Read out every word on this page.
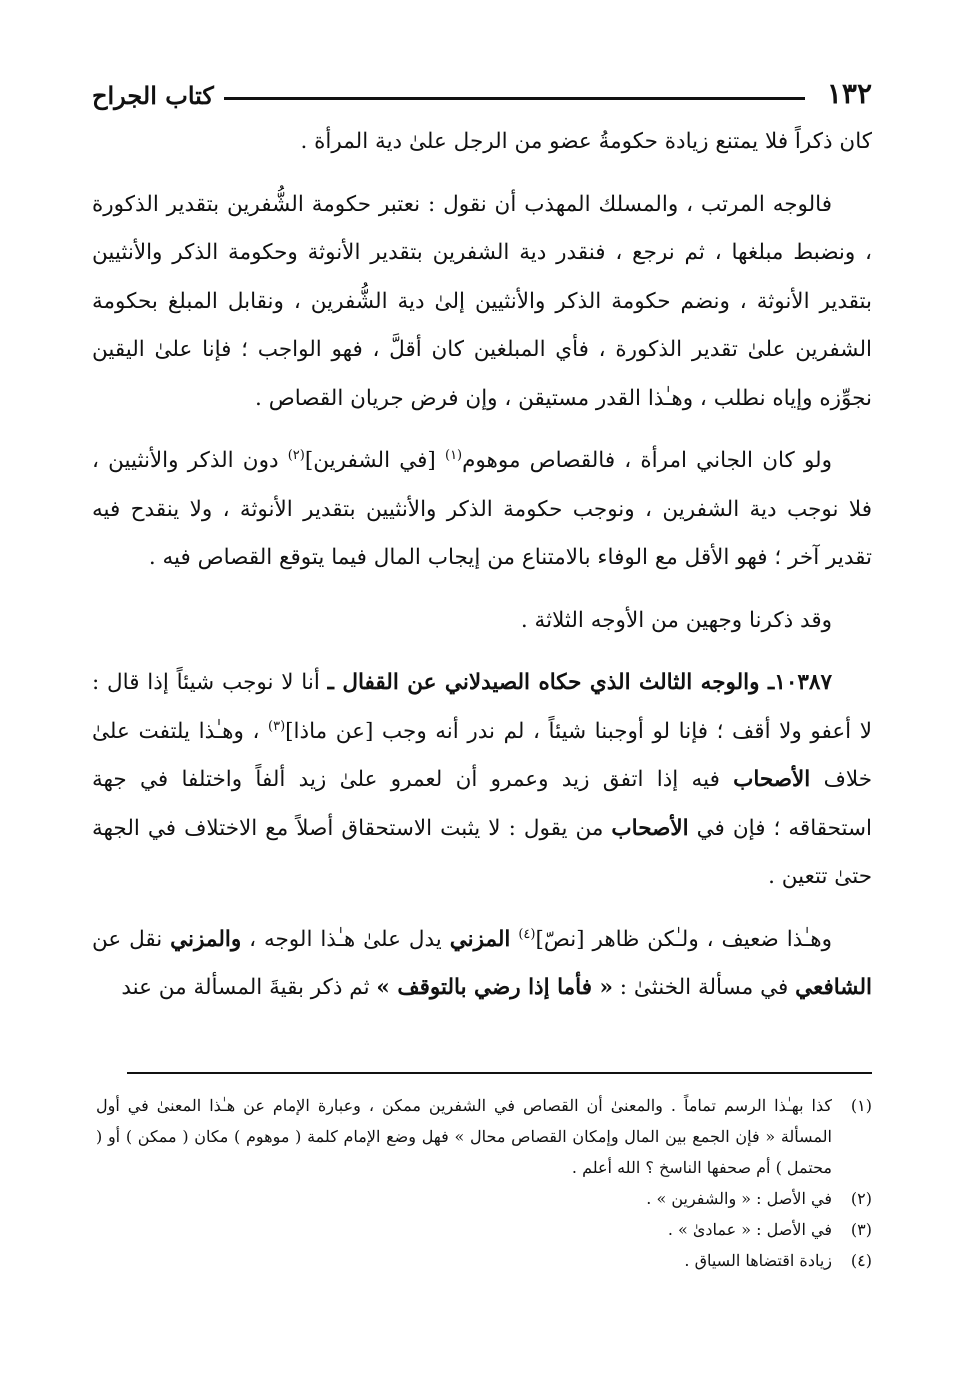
١٣٢
كتاب الجراح

كان ذكراً فلا يمتنع زيادة حكومةُ عضو من الرجل علىٰ دية المرأة .

فالوجه المرتب ، والمسلك المهذب أن نقول : نعتبر حكومة الشُّفرين بتقدير الذكورة ، ونضبط مبلغها ، ثم نرجع ، فنقدر دية الشفرين بتقدير الأنوثة وحكومة الذكر والأنثيين بتقدير الأنوثة ، ونضم حكومة الذكر والأنثيين إلىٰ دية الشُّفرين ، ونقابل المبلغ بحكومة الشفرين علىٰ تقدير الذكورة ، فأي المبلغين كان أقلَّ ، فهو الواجب ؛ فإنا علىٰ اليقين نجوِّزه وإياه نطلب ، وهـٰذا القدر مستيقن ، وإن فرض جريان القصاص .

ولو كان الجاني امرأة ، فالقصاص موهوم$^{(١)}$ [في الشفرين]$^{(٢)}$ دون الذكر والأنثيين ، فلا نوجب دية الشفرين ، ونوجب حكومة الذكر والأنثيين بتقدير الأنوثة ، ولا ينقدح فيه تقدير آخر ؛ فهو الأقل مع الوفاء بالامتناع من إيجاب المال فيما يتوقع القصاص فيه .

وقد ذكرنا وجهين من الأوجه الثلاثة .

١٠٣٨٧ـ والوجه الثالث الذي حكاه الصيدلاني عن القفال ـ أنا لا نوجب شيئاً إذا قال : لا أعفو ولا أقف ؛ فإنا لو أوجبنا شيئاً ، لم ندر أنه وجب [عن ماذا]$^{(٣)}$ ، وهـٰذا يلتفت علىٰ خلاف الأصحاب فيه إذا اتفق زيد وعمرو أن لعمرو علىٰ زيد ألفاً واختلفا في جهة استحقاقه ؛ فإن في الأصحاب من يقول : لا يثبت الاستحقاق أصلاً مع الاختلاف في الجهة حتىٰ تتعين .

وهـٰذا ضعيف ، ولـٰكن ظاهر [نصّ]$^{(٤)}$ المزني يدل علىٰ هـٰذا الوجه ، والمزني نقل عن الشافعي في مسألة الخنثىٰ : « فأما إذا رضي بالتوقف » ثم ذكر بقيةَ المسألة من عند

(١)
كذا بهـٰذا الرسم تماماً . والمعنىٰ أن القصاص في الشفرين ممكن ، وعبارة الإمام عن هـٰذا المعنىٰ في أول المسألة « فإن الجمع بين المال وإمكان القصاص محال » فهل وضع الإمام كلمة ( موهوم ) مكان ( ممكن ) أو ( محتمل ) أم صحفها الناسخ ؟ الله أعلم .
(٢)
في الأصل : « والشفرين » .
(٣)
في الأصل : « عمادىٰ » .
(٤)
زيادة اقتضاها السياق .
